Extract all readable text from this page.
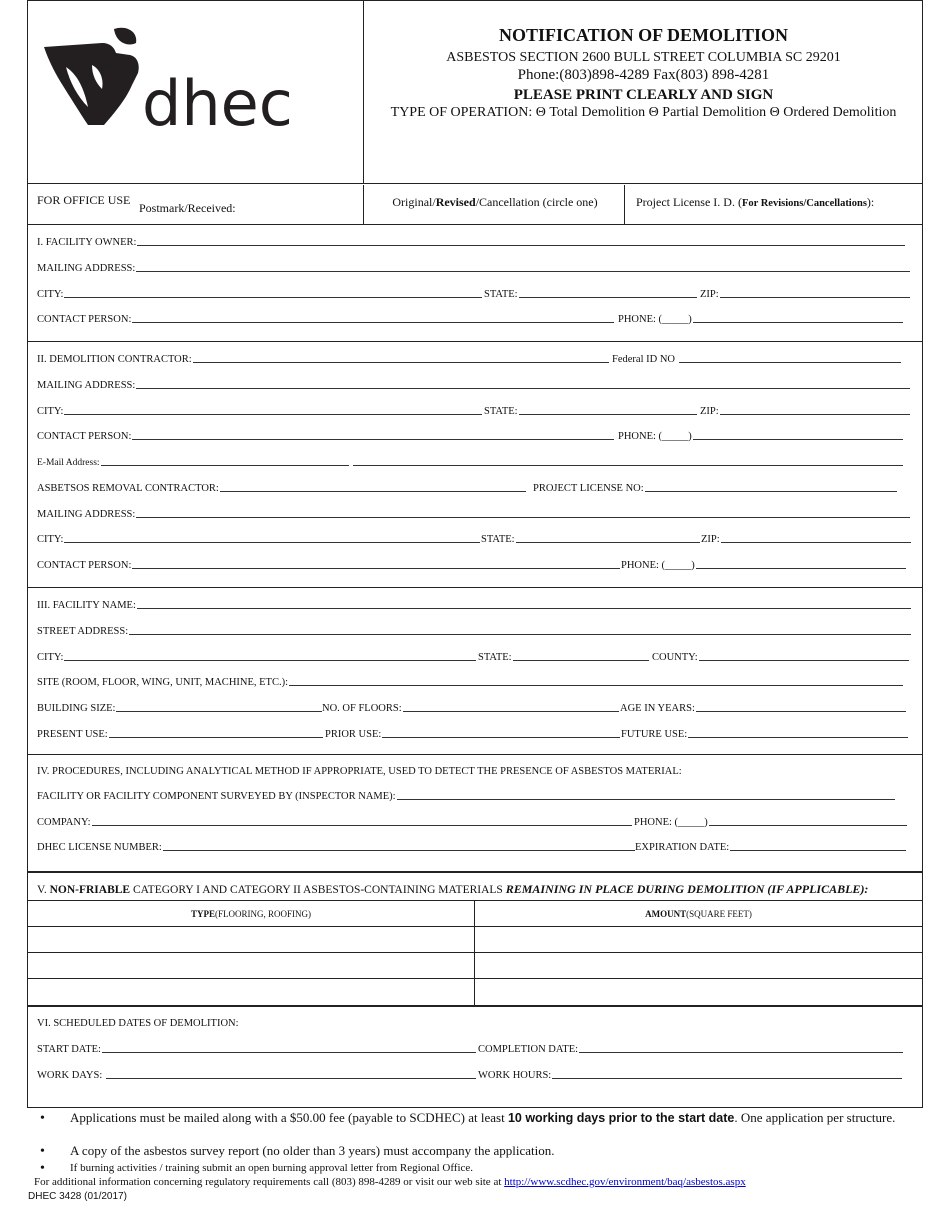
dhec
NOTIFICATION OF DEMOLITION
ASBESTOS SECTION 2600 BULL STREET COLUMBIA SC 29201
Phone:(803)898-4289 Fax(803) 898-4281
PLEASE PRINT CLEARLY AND SIGN
TYPE OF OPERATION: Θ Total Demolition Θ Partial Demolition Θ Ordered Demolition
FOR OFFICE USE
Postmark/Received:	Original/Revised/Cancellation (circle one)	Project License I. D. (For Revisions/Cancellations):
I. FACILITY OWNER:
MAILING ADDRESS:
CITY:	STATE:	ZIP:
CONTACT PERSON:	PHONE: (_____)
II. DEMOLITION CONTRACTOR:	Federal ID NO
MAILING ADDRESS:
CITY:	STATE:	ZIP:
CONTACT PERSON:	PHONE: (_____)
E-Mail Address:
ASBETSOS REMOVAL CONTRACTOR:	PROJECT LICENSE NO:
MAILING ADDRESS:
CITY:	STATE:	ZIP:
CONTACT PERSON:	PHONE: (_____)
III. FACILITY NAME:
STREET ADDRESS:
CITY:	STATE:	COUNTY:
SITE (ROOM, FLOOR, WING, UNIT, MACHINE, ETC.):
BUILDING SIZE:	NO. OF FLOORS:	AGE IN YEARS:
PRESENT USE:	PRIOR USE:	FUTURE USE:
IV. PROCEDURES, INCLUDING ANALYTICAL METHOD IF APPROPRIATE, USED TO DETECT THE PRESENCE OF ASBESTOS MATERIAL:
FACILITY OR FACILITY COMPONENT SURVEYED BY (INSPECTOR NAME):
COMPANY:	PHONE: (_____)
DHEC LICENSE NUMBER:	EXPIRATION DATE:
V. NON-FRIABLE CATEGORY I AND CATEGORY II ASBESTOS-CONTAINING MATERIALS REMAINING IN PLACE DURING DEMOLITION (IF APPLICABLE):
TYPE(FLOORING, ROOFING)	AMOUNT(SQUARE FEET)
VI. SCHEDULED DATES OF DEMOLITION:
START DATE:	COMPLETION DATE:
WORK DAYS:	WORK HOURS:
• Applications must be mailed along with a $50.00 fee (payable to SCDHEC) at least 10 working days prior to the start date. One application per structure.
• A copy of the asbestos survey report (no older than 3 years) must accompany the application.
• If burning activities / training submit an open burning approval letter from Regional Office.
For additional information concerning regulatory requirements call (803) 898-4289 or visit our web site at http://www.scdhec.gov/environment/baq/asbestos.aspx
DHEC 3428 (01/2017)
